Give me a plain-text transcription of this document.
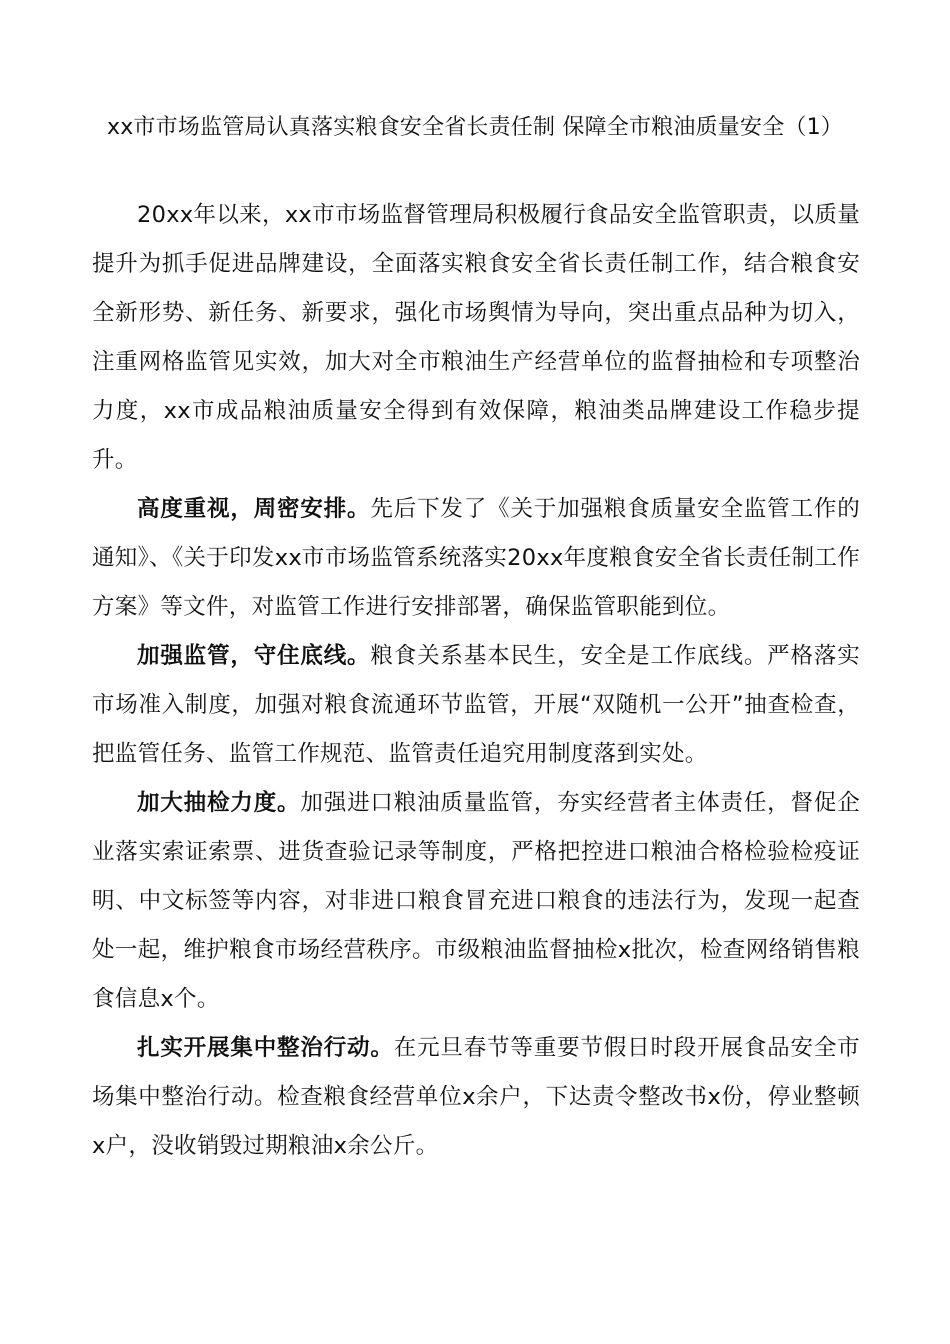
xx市市场监管局认真落实粮食安全省长责任制 保障全市粮油质量安全（1）

20xx年以来，xx市市场监督管理局积极履行食品安全监管职责，以质量提升为抓手促进品牌建设，全面落实粮食安全省长责任制工作，结合粮食安全新形势、新任务、新要求，强化市场舆情为导向，突出重点品种为切入，注重网格监管见实效，加大对全市粮油生产经营单位的监督抽检和专项整治力度，xx市成品粮油质量安全得到有效保障，粮油类品牌建设工作稳步提升。

高度重视，周密安排。先后下发了《关于加强粮食质量安全监管工作的通知》、《关于印发xx市市场监管系统落实20xx年度粮食安全省长责任制工作方案》等文件，对监管工作进行安排部署，确保监管职能到位。

加强监管，守住底线。粮食关系基本民生，安全是工作底线。严格落实市场准入制度，加强对粮食流通环节监管，开展“双随机一公开”抽查检查，把监管任务、监管工作规范、监管责任追究用制度落到实处。

加大抽检力度。加强进口粮油质量监管，夯实经营者主体责任，督促企业落实索证索票、进货查验记录等制度，严格把控进口粮油合格检验检疫证明、中文标签等内容，对非进口粮食冒充进口粮食的违法行为，发现一起查处一起，维护粮食市场经营秩序。市级粮油监督抽检x批次，检查网络销售粮食信息x个。

扎实开展集中整治行动。在元旦春节等重要节假日时段开展食品安全市场集中整治行动。检查粮食经营单位x余户，下达责令整改书x份，停业整顿x户，没收销毁过期粮油x余公斤。
